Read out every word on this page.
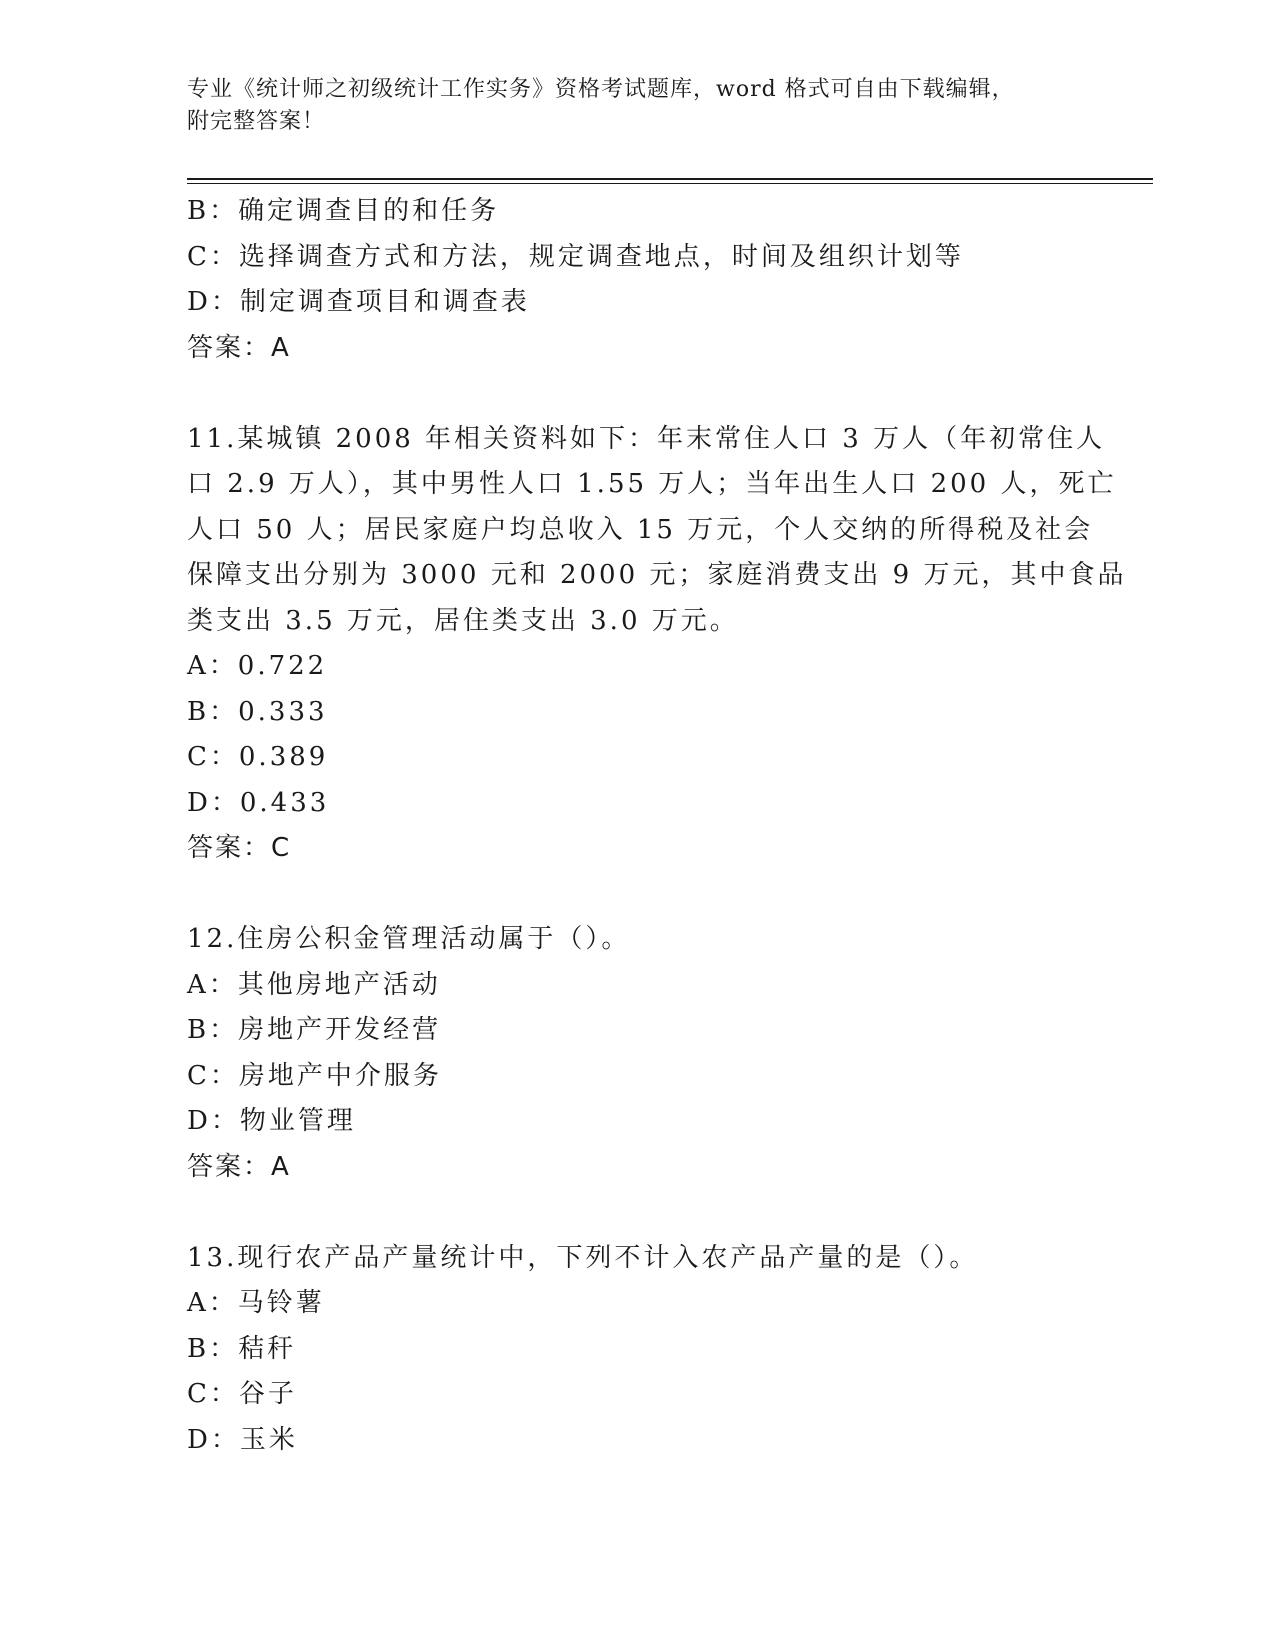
专业《统计师之初级统计工作实务》资格考试题库，word 格式可自由下载编辑，
附完整答案！
B：确定调查目的和任务
C：选择调查方式和方法，规定调查地点，时间及组织计划等
D：制定调查项目和调查表
答案：A
11.某城镇 2008 年相关资料如下：年末常住人口 3 万人（年初常住人
口 2.9 万人），其中男性人口 1.55 万人；当年出生人口 200 人，死亡
人口 50 人；居民家庭户均总收入 15 万元，个人交纳的所得税及社会
保障支出分别为 3000 元和 2000 元；家庭消费支出 9 万元，其中食品
类支出 3.5 万元，居住类支出 3.0 万元。
A：0.722
B：0.333
C：0.389
D：0.433
答案：C
12.住房公积金管理活动属于（）。
A：其他房地产活动
B：房地产开发经营
C：房地产中介服务
D：物业管理
答案：A
13.现行农产品产量统计中，下列不计入农产品产量的是（）。
A：马铃薯
B：秸秆
C：谷子
D：玉米
